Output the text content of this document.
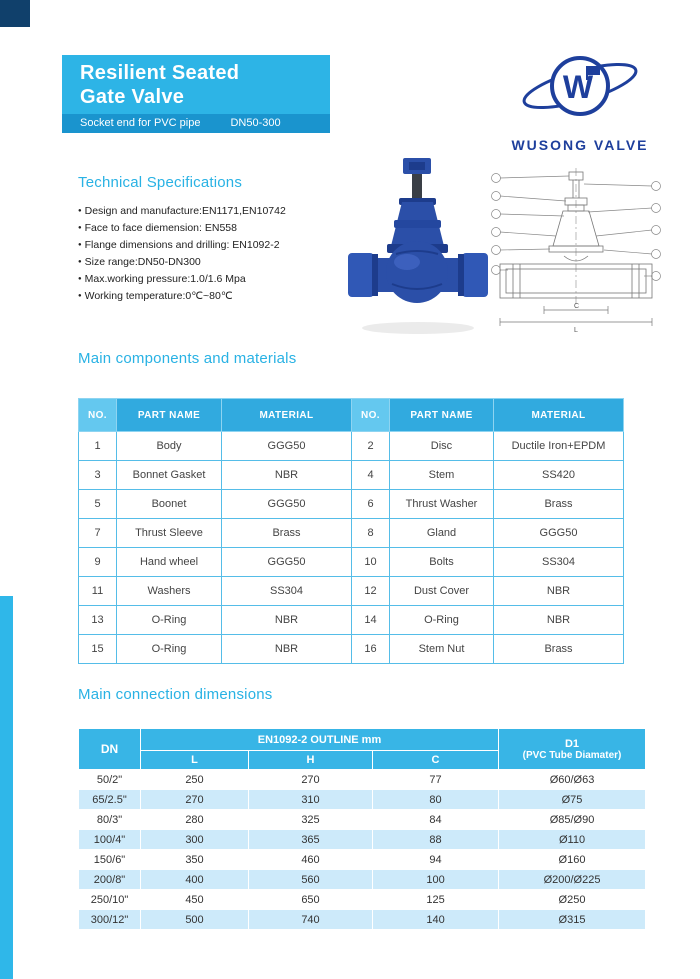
Resilient Seated
Gate Valve
Socket end for PVC pipe	DN50-300
W
WUSONG VALVE
Technical Specifications
● Design and manufacture:EN1171,EN10742
● Face to face diemension: EN558
● Flange dimensions and drilling: EN1092-2
● Size range:DN50-DN300
● Max.working pressure:1.0/1.6 Mpa
● Working temperature:0℃~80℃
C
L
Main components and materials
NO.	PART NAME	MATERIAL	NO.	PART NAME	MATERIAL
1	Body	GGG50	2	Disc	Ductile Iron+EPDM
3	Bonnet Gasket	NBR	4	Stem	SS420
5	Boonet	GGG50	6	Thrust Washer	Brass
7	Thrust Sleeve	Brass	8	Gland	GGG50
9	Hand wheel	GGG50	10	Bolts	SS304
11	Washers	SS304	12	Dust Cover	NBR
13	O-Ring	NBR	14	O-Ring	NBR
15	O-Ring	NBR	16	Stem Nut	Brass
Main connection dimensions
DN	EN1092-2 OUTLINE mm			D1
(PVC Tube Diamater)

	L	H	C	
50/2"	250	270	77	Ø60/Ø63
65/2.5"	270	310	80	Ø75
80/3"	280	325	84	Ø85/Ø90
100/4"	300	365	88	Ø110
150/6"	350	460	94	Ø160
200/8"	400	560	100	Ø200/Ø225
250/10"	450	650	125	Ø250
300/12"	500	740	140	Ø315
